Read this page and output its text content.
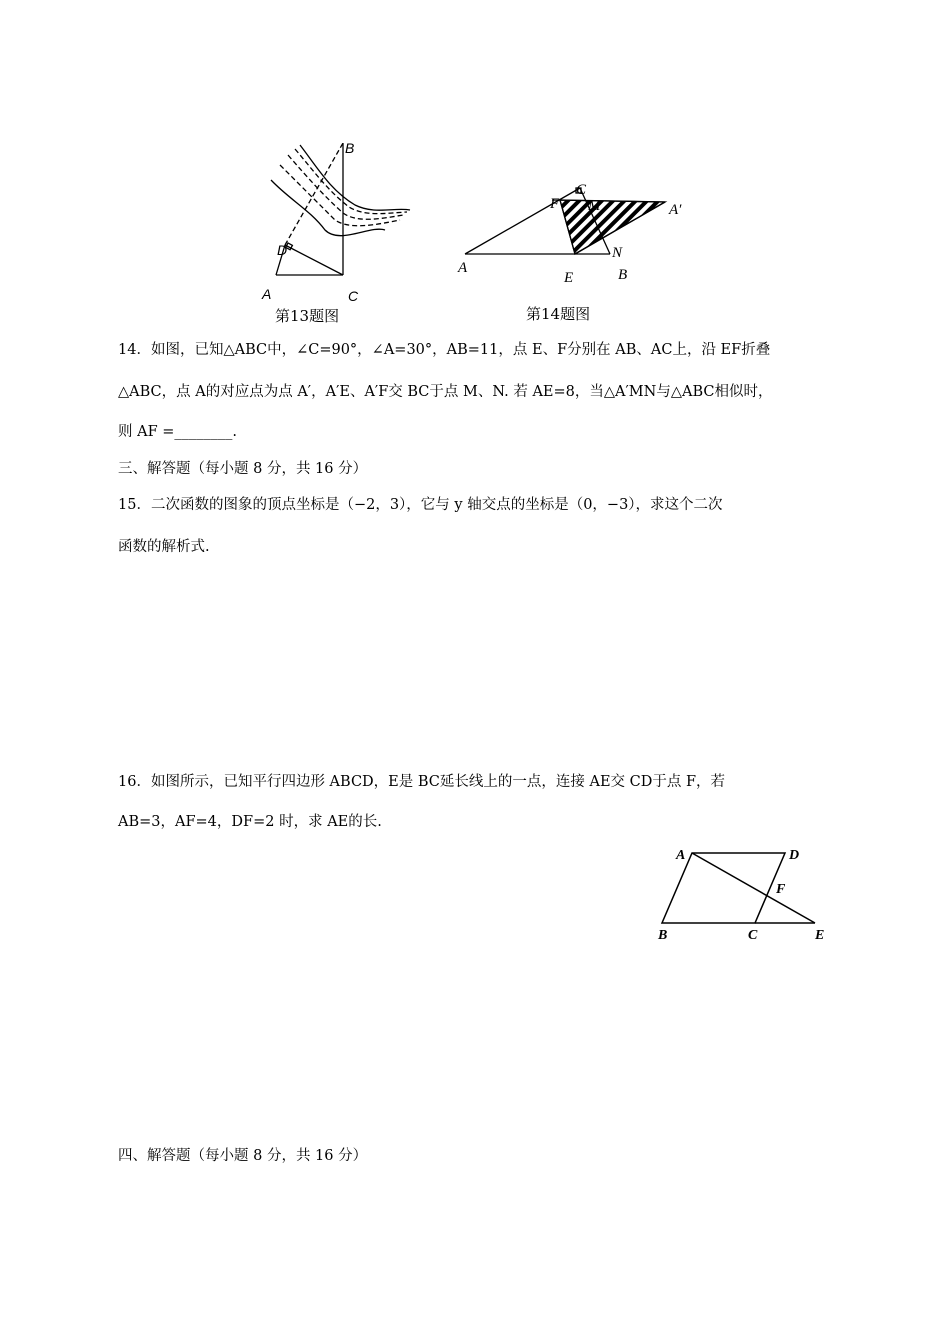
B
D
A	C
第13题图
C
F M	A′
N
A
E	B
第14题图
14．如图，已知△ABC中，∠C=90°，∠A=30°，AB=11，点 E、F分别在 AB、AC上，沿 EF折叠
△ABC，点 A的对应点为点 A′，A′E、A′F交 BC于点 M、N. 若 AE=8，当△A′MN与△ABC相似时，
则 AF =________.
三、解答题（每小题 8 分，共 16 分）
15．二次函数的图象的顶点坐标是（−2，3），它与 y 轴交点的坐标是（0，−3），求这个二次
函数的解析式.
16．如图所示，已知平行四边形 ABCD，E是 BC延长线上的一点，连接 AE交 CD于点 F，若
AB=3，AF=4，DF=2 时，求 AE的长.
A	D
F
B	C	E
四、解答题（每小题 8 分，共 16 分）
